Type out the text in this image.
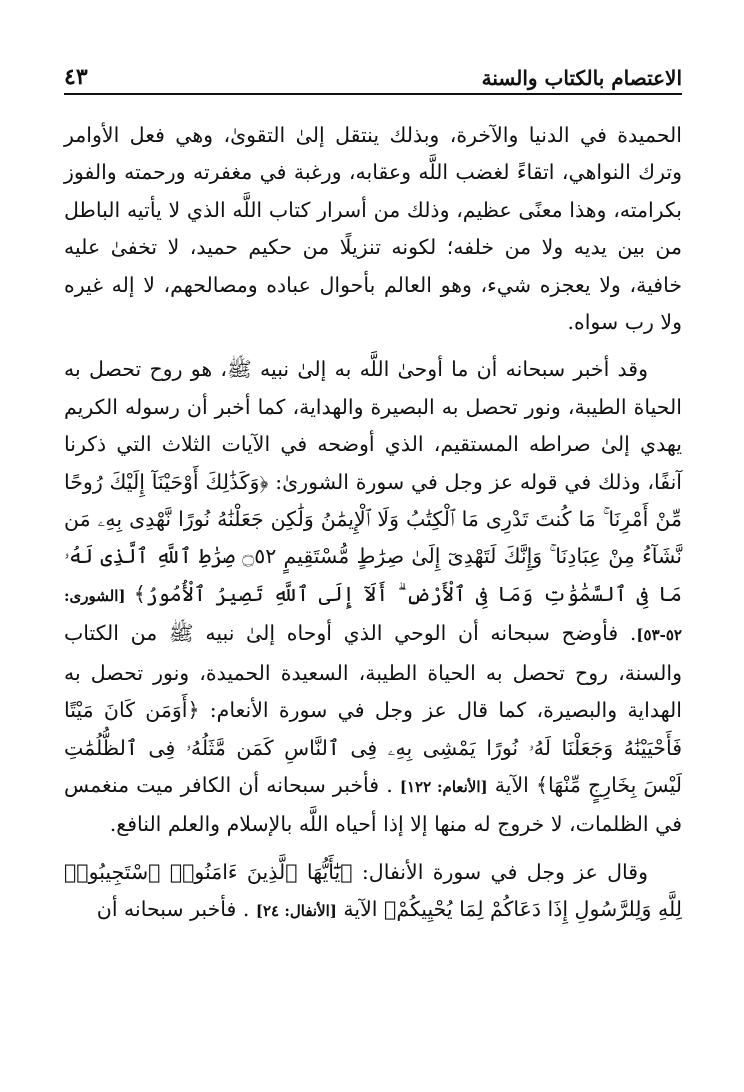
الاعتصام بالكتاب والسنة
٤٣

الحميدة في الدنيا والآخرة، وبذلك ينتقل إلىٰ التقوىٰ، وهي فعل الأوامر وترك النواهي، اتقاءً لغضب اللَّه وعقابه، ورغبة في مغفرته ورحمته والفوز بكرامته، وهذا معنًى عظيم، وذلك من أسرار كتاب اللَّه الذي لا يأتيه الباطل من بين يديه ولا من خلفه؛ لكونه تنزيلًا من حكيم حميد، لا تخفىٰ عليه خافية، ولا يعجزه شيء، وهو العالم بأحوال عباده ومصالحهم، لا إله غيره ولا رب سواه.

وقد أخبر سبحانه أن ما أوحىٰ اللَّه به إلىٰ نبيه ﷺ، هو روح تحصل به الحياة الطيبة، ونور تحصل به البصيرة والهداية، كما أخبر أن رسوله الكريم يهدي إلىٰ صراطه المستقيم، الذي أوضحه في الآيات الثلاث التي ذكرنا آنفًا، وذلك في قوله عز وجل في سورة الشورىٰ: ﴿وَكَذَٰلِكَ أَوْحَيْنَآ إِلَيْكَ رُوحًا مِّنْ أَمْرِنَا ۚ مَا كُنتَ تَدْرِى مَا ٱلْكِتَٰبُ وَلَا ٱلْإِيمَٰنُ وَلَٰكِن جَعَلْنَٰهُ نُورًا نَّهْدِى بِهِۦ مَن نَّشَآءُ مِنْ عِبَادِنَا ۚ وَإِنَّكَ لَتَهْدِىٓ إِلَىٰ صِرَٰطٍ مُّسْتَقِيمٍ ۝٥٢ صِرَٰطِ ٱللَّهِ ٱلَّذِى لَهُۥ مَا فِى ٱلسَّمَٰوَٰتِ وَمَا فِى ٱلْأَرْضِ ۗ أَلَآ إِلَى ٱللَّهِ تَصِيرُ ٱلْأُمُورُ﴾ [الشورى: ٥٢-٥٣]. فأوضح سبحانه أن الوحي الذي أوحاه إلىٰ نبيه ﷺ من الكتاب والسنة، روح تحصل به الحياة الطيبة، السعيدة الحميدة، ونور تحصل به الهداية والبصيرة، كما قال عز وجل في سورة الأنعام: ﴿أَوَمَن كَانَ مَيْتًا فَأَحْيَيْنَٰهُ وَجَعَلْنَا لَهُۥ نُورًا يَمْشِى بِهِۦ فِى ٱلنَّاسِ كَمَن مَّثَلُهُۥ فِى ٱلظُّلُمَٰتِ لَيْسَ بِخَارِجٍ مِّنْهَا﴾ الآية [الأنعام: ١٢٢] . فأخبر سبحانه أن الكافر ميت منغمس في الظلمات، لا خروج له منها إلا إذا أحياه اللَّه بالإسلام والعلم النافع.

وقال عز وجل في سورة الأنفال: ﴿يَٰٓأَيُّهَا ٱلَّذِينَ ءَامَنُوا۟ ٱسْتَجِيبُوا۟ لِلَّهِ وَلِلرَّسُولِ إِذَا دَعَاكُمْ لِمَا يُحْيِيكُمْ﴾ الآية [الأنفال: ٢٤] . فأخبر سبحانه أن
